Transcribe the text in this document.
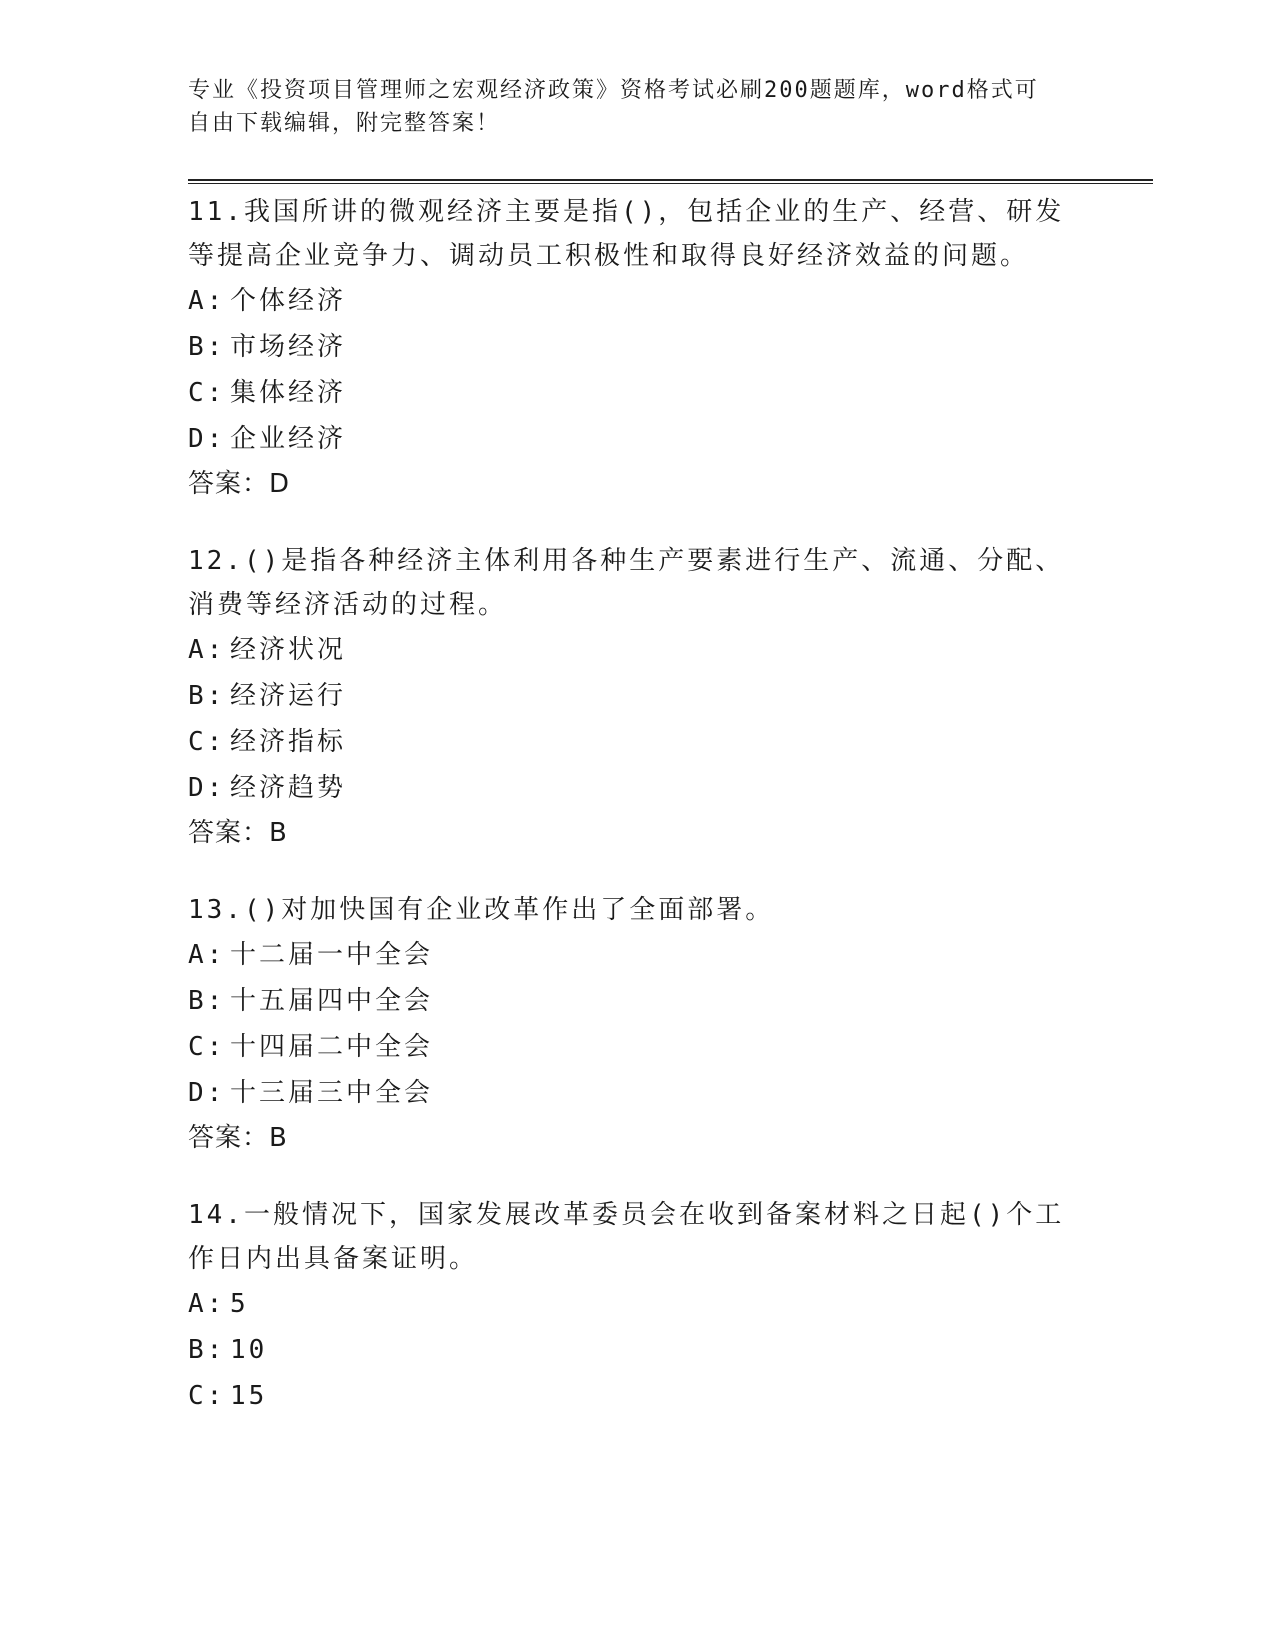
专业《投资项目管理师之宏观经济政策》资格考试必刷200题题库，word格式可
自由下载编辑，附完整答案！

11.我国所讲的微观经济主要是指()，包括企业的生产、经营、研发等提高企业竞争力、调动员工积极性和取得良好经济效益的问题。

A: 个体经济
B: 市场经济
C: 集体经济
D: 企业经济
答案：D

12.()是指各种经济主体利用各种生产要素进行生产、流通、分配、消费等经济活动的过程。

A: 经济状况
B: 经济运行
C: 经济指标
D: 经济趋势
答案：B

13.()对加快国有企业改革作出了全面部署。

A: 十二届一中全会
B: 十五届四中全会
C: 十四届二中全会
D: 十三届三中全会
答案：B

14.一般情况下，国家发展改革委员会在收到备案材料之日起()个工作日内出具备案证明。

A: 5
B: 10
C: 15
